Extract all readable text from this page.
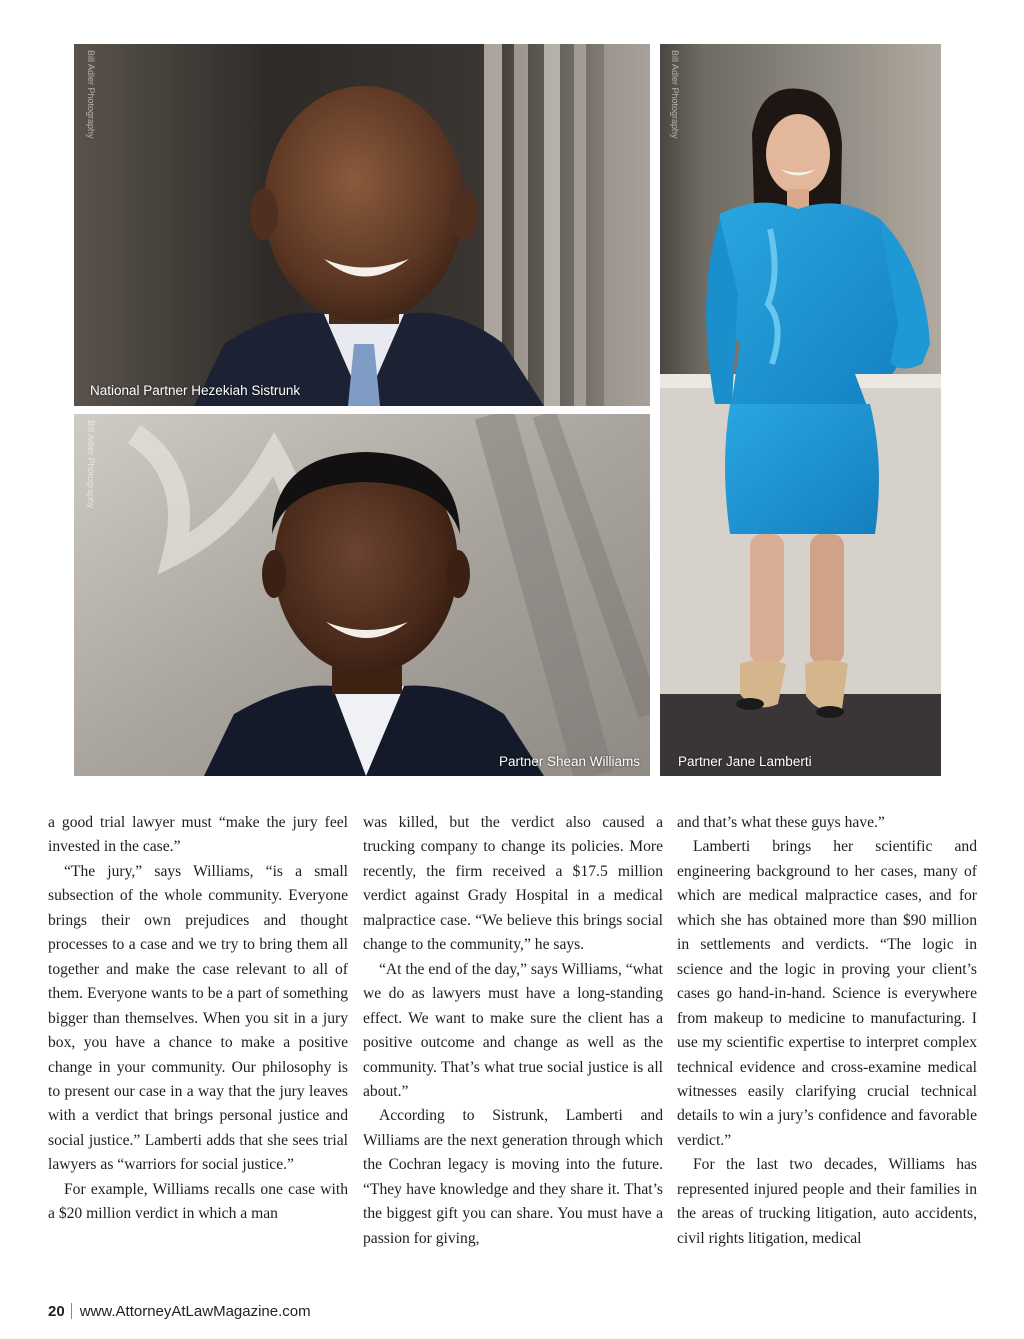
Bill Adler Photography
National Partner Hezekiah Sistrunk
Bill Adler Photography
Partner Jane Lamberti
Bill Adler Photography
Partner Shean Williams

a good trial lawyer must “make the jury feel invested in the case.”

“The jury,” says Williams, “is a small subsection of the whole community. Everyone brings their own prejudices and thought processes to a case and we try to bring them all together and make the case relevant to all of them. Everyone wants to be a part of something bigger than themselves. When you sit in a jury box, you have a chance to make a positive change in your community. Our philosophy is to present our case in a way that the jury leaves with a verdict that brings personal justice and social justice.” Lamberti adds that she sees trial lawyers as “warriors for social justice.”

For example, Williams recalls one case with a $20 million verdict in which a man

was killed, but the verdict also caused a trucking company to change its policies. More recently, the firm received a $17.5 million verdict against Grady Hospital in a medical malpractice case. “We believe this brings social change to the community,” he says.

“At the end of the day,” says Williams, “what we do as lawyers must have a long-standing effect. We want to make sure the client has a positive outcome and change as well as the community. That’s what true social justice is all about.”

According to Sistrunk, Lamberti and Williams are the next generation through which the Cochran legacy is moving into the future. “They have knowledge and they share it. That’s the biggest gift you can share. You must have a passion for giving,

and that’s what these guys have.”

Lamberti brings her scientific and engineering background to her cases, many of which are medical malpractice cases, and for which she has obtained more than $90 million in settlements and verdicts. “The logic in science and the logic in proving your client’s cases go hand-in-hand. Science is everywhere from makeup to medicine to manufacturing. I use my scientific expertise to interpret complex technical evidence and cross-examine medical witnesses easily clarifying crucial technical details to win a jury’s confidence and favorable verdict.”

For the last two decades, Williams has represented injured people and their families in the areas of trucking litigation, auto accidents, civil rights litigation, medical

20 www.AttorneyAtLawMagazine.com
